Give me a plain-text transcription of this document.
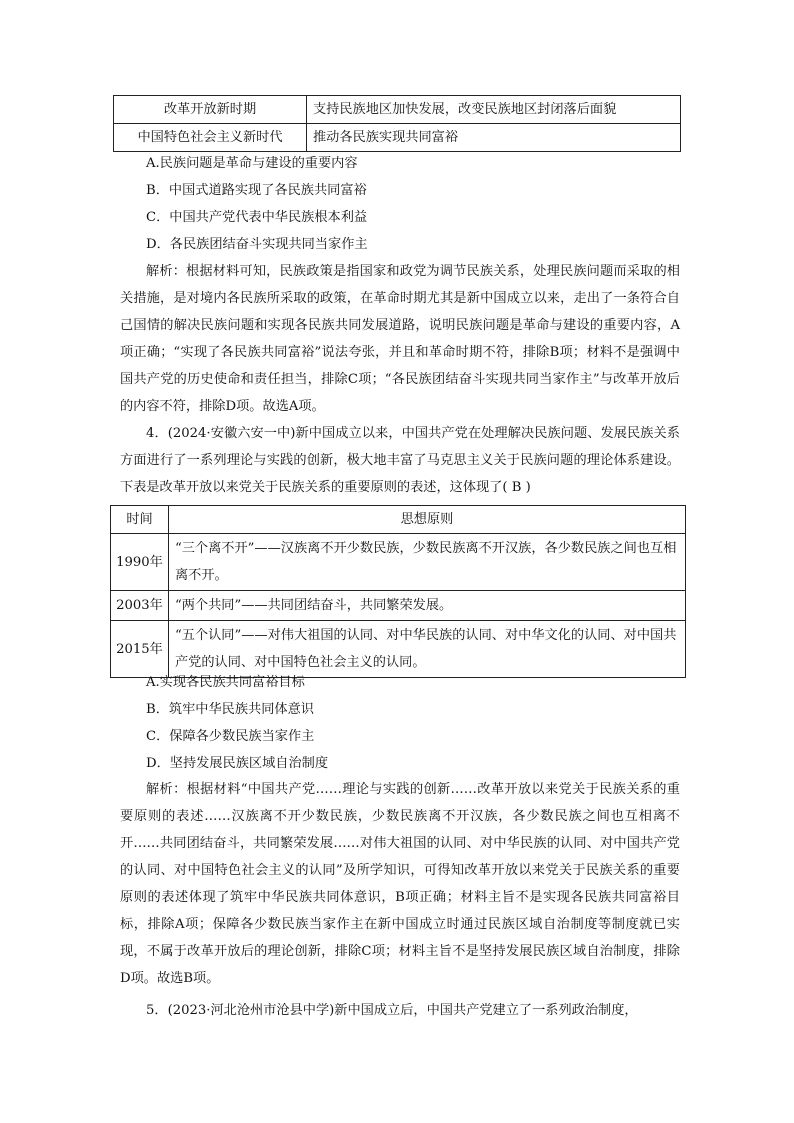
改革开放新时期	支持民族地区加快发展，改变民族地区封闭落后面貌
中国特色社会主义新时代	推动各民族实现共同富裕
A.民族问题是革命与建设的重要内容
B．中国式道路实现了各民族共同富裕
C．中国共产党代表中华民族根本利益
D．各民族团结奋斗实现共同当家作主
解析：根据材料可知，民族政策是指国家和政党为调节民族关系，处理民族问题而采取的相关措施，是对境内各民族所采取的政策，在革命时期尤其是新中国成立以来，走出了一条符合自己国情的解决民族问题和实现各民族共同发展道路，说明民族问题是革命与建设的重要内容，A项正确；“实现了各民族共同富裕”说法夸张，并且和革命时期不符，排除B项；材料不是强调中国共产党的历史使命和责任担当，排除C项；“各民族团结奋斗实现共同当家作主”与改革开放后的内容不符，排除D项。故选A项。
4．(2024·安徽六安一中)新中国成立以来，中国共产党在处理解决民族问题、发展民族关系方面进行了一系列理论与实践的创新，极大地丰富了马克思主义关于民族问题的理论体系建设。下表是改革开放以来党关于民族关系的重要原则的表述，这体现了( B )
时间	思想原则
1990年	“三个离不开”——汉族离不开少数民族，少数民族离不开汉族，各少数民族之间也互相离不开。
2003年	“两个共同”——共同团结奋斗，共同繁荣发展。
2015年	“五个认同”——对伟大祖国的认同、对中华民族的认同、对中华文化的认同、对中国共产党的认同、对中国特色社会主义的认同。
A.实现各民族共同富裕目标
B．筑牢中华民族共同体意识
C．保障各少数民族当家作主
D．坚持发展民族区域自治制度
解析：根据材料“中国共产党……理论与实践的创新……改革开放以来党关于民族关系的重要原则的表述……汉族离不开少数民族，少数民族离不开汉族，各少数民族之间也互相离不开……共同团结奋斗，共同繁荣发展……对伟大祖国的认同、对中华民族的认同、对中国共产党的认同、对中国特色社会主义的认同”及所学知识，可得知改革开放以来党关于民族关系的重要原则的表述体现了筑牢中华民族共同体意识，B项正确；材料主旨不是实现各民族共同富裕目标，排除A项；保障各少数民族当家作主在新中国成立时通过民族区域自治制度等制度就已实现，不属于改革开放后的理论创新，排除C项；材料主旨不是坚持发展民族区域自治制度，排除D项。故选B项。
5．(2023·河北沧州市沧县中学)新中国成立后，中国共产党建立了一系列政治制度，
